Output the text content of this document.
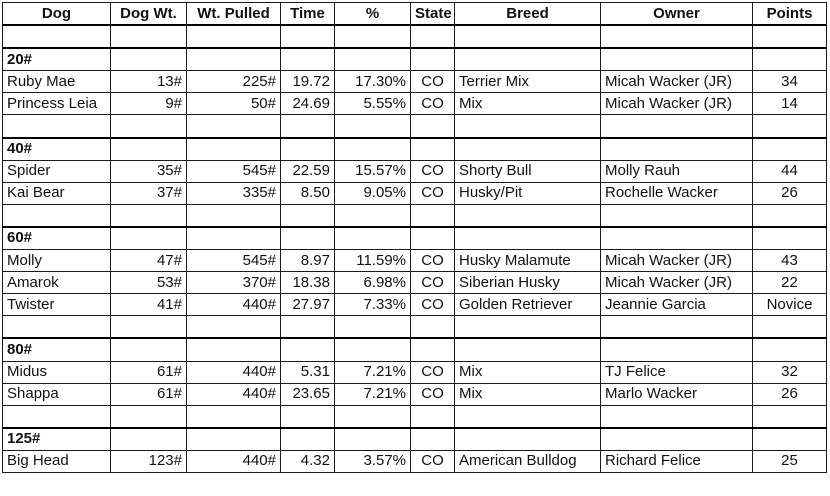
Dog	Dog Wt.	Wt. Pulled	Time	%	State	Breed	Owner	Points

20#								
Ruby Mae	13#	225#	19.72	17.30%	CO	Terrier Mix	Micah Wacker (JR)	34
Princess Leia	9#	50#	24.69	5.55%	CO	Mix	Micah Wacker (JR)	14

40#								
Spider	35#	545#	22.59	15.57%	CO	Shorty Bull	Molly Rauh	44
Kai Bear	37#	335#	8.50	9.05%	CO	Husky/Pit	Rochelle Wacker	26

60#								
Molly	47#	545#	8.97	11.59%	CO	Husky Malamute	Micah Wacker (JR)	43
Amarok	53#	370#	18.38	6.98%	CO	Siberian Husky	Micah Wacker (JR)	22
Twister	41#	440#	27.97	7.33%	CO	Golden Retriever	Jeannie Garcia	Novice

80#								
Midus	61#	440#	5.31	7.21%	CO	Mix	TJ Felice	32
Shappa	61#	440#	23.65	7.21%	CO	Mix	Marlo Wacker	26

125#								
Big Head	123#	440#	4.32	3.57%	CO	American Bulldog	Richard Felice	25
